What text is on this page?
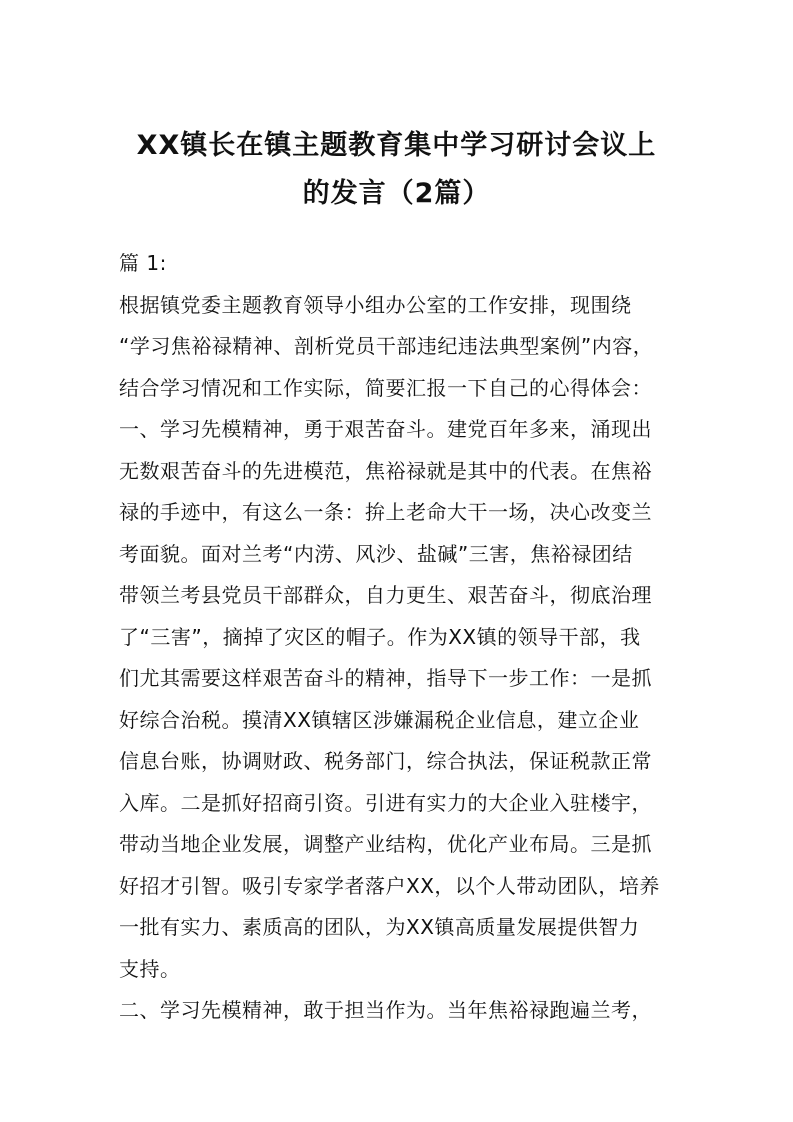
XX镇长在镇主题教育集中学习研讨会议上
的发言（2篇）
篇 1:
根据镇党委主题教育领导小组办公室的工作安排，现围绕
“学习焦裕禄精神、剖析党员干部违纪违法典型案例”内容，
结合学习情况和工作实际，简要汇报一下自己的心得体会：
一、学习先模精神，勇于艰苦奋斗。建党百年多来，涌现出
无数艰苦奋斗的先进模范，焦裕禄就是其中的代表。在焦裕
禄的手迹中，有这么一条：拚上老命大干一场，决心改变兰
考面貌。面对兰考“内涝、风沙、盐碱”三害，焦裕禄团结
带领兰考县党员干部群众，自力更生、艰苦奋斗，彻底治理
了“三害”，摘掉了灾区的帽子。作为XX镇的领导干部，我
们尤其需要这样艰苦奋斗的精神，指导下一步工作：一是抓
好综合治税。摸清XX镇辖区涉嫌漏税企业信息，建立企业
信息台账，协调财政、税务部门，综合执法，保证税款正常
入库。二是抓好招商引资。引进有实力的大企业入驻楼宇，
带动当地企业发展，调整产业结构，优化产业布局。三是抓
好招才引智。吸引专家学者落户XX，以个人带动团队，培养
一批有实力、素质高的团队，为XX镇高质量发展提供智力
支持。
二、学习先模精神，敢于担当作为。当年焦裕禄跑遍兰考，
